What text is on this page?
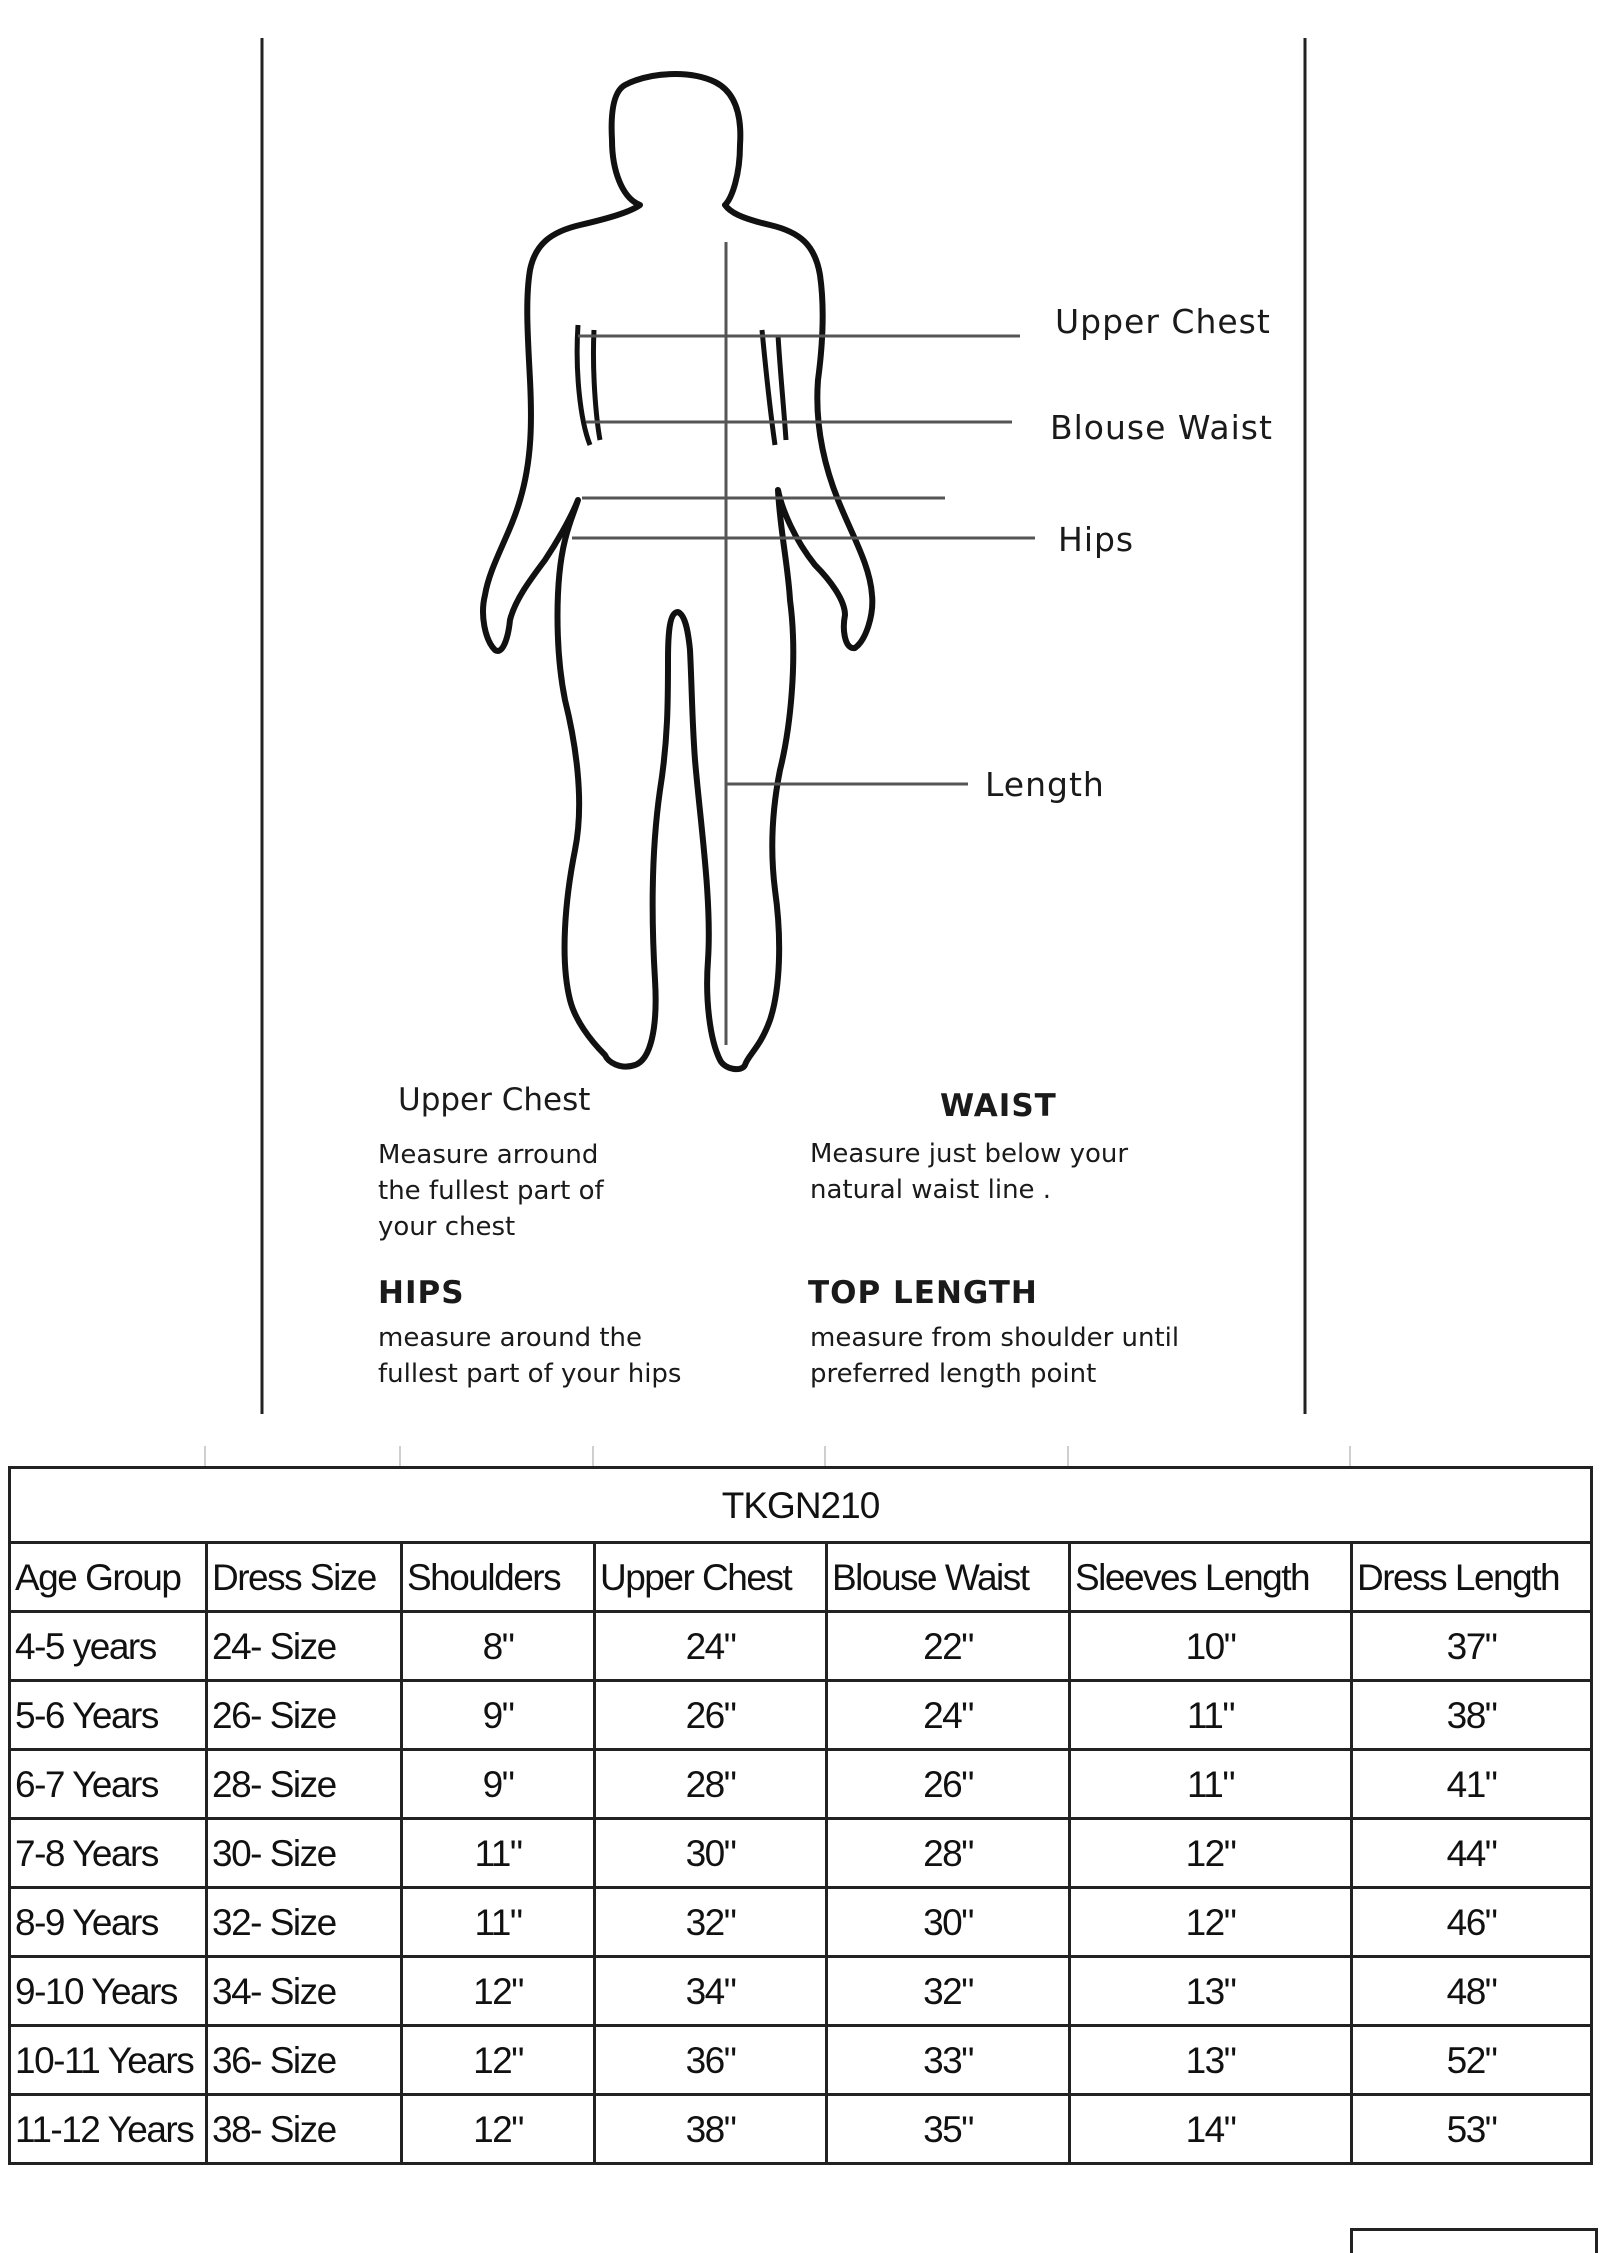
Upper Chest
Blouse Waist
Hips
Length
Upper Chest
Measure arround
the fullest part of
your chest
WAIST
Measure just below your
natural waist line .
HIPS
measure around the
fullest part of your hips
TOP LENGTH
measure from shoulder until
preferred length point
TKGN210						
Age Group	Dress Size	Shoulders	Upper Chest	Blouse Waist	Sleeves Length	Dress Length
4-5 years	24- Size	8"	24"	22"	10"	37"
5-6 Years	26- Size	9"	26"	24"	11"	38"
6-7 Years	28- Size	9"	28"	26"	11"	41"
7-8 Years	30- Size	11"	30"	28"	12"	44"
8-9 Years	32- Size	11"	32"	30"	12"	46"
9-10 Years	34- Size	12"	34"	32"	13"	48"
10-11 Years	36- Size	12"	36"	33"	13"	52"
11-12 Years	38- Size	12"	38"	35"	14"	53"
